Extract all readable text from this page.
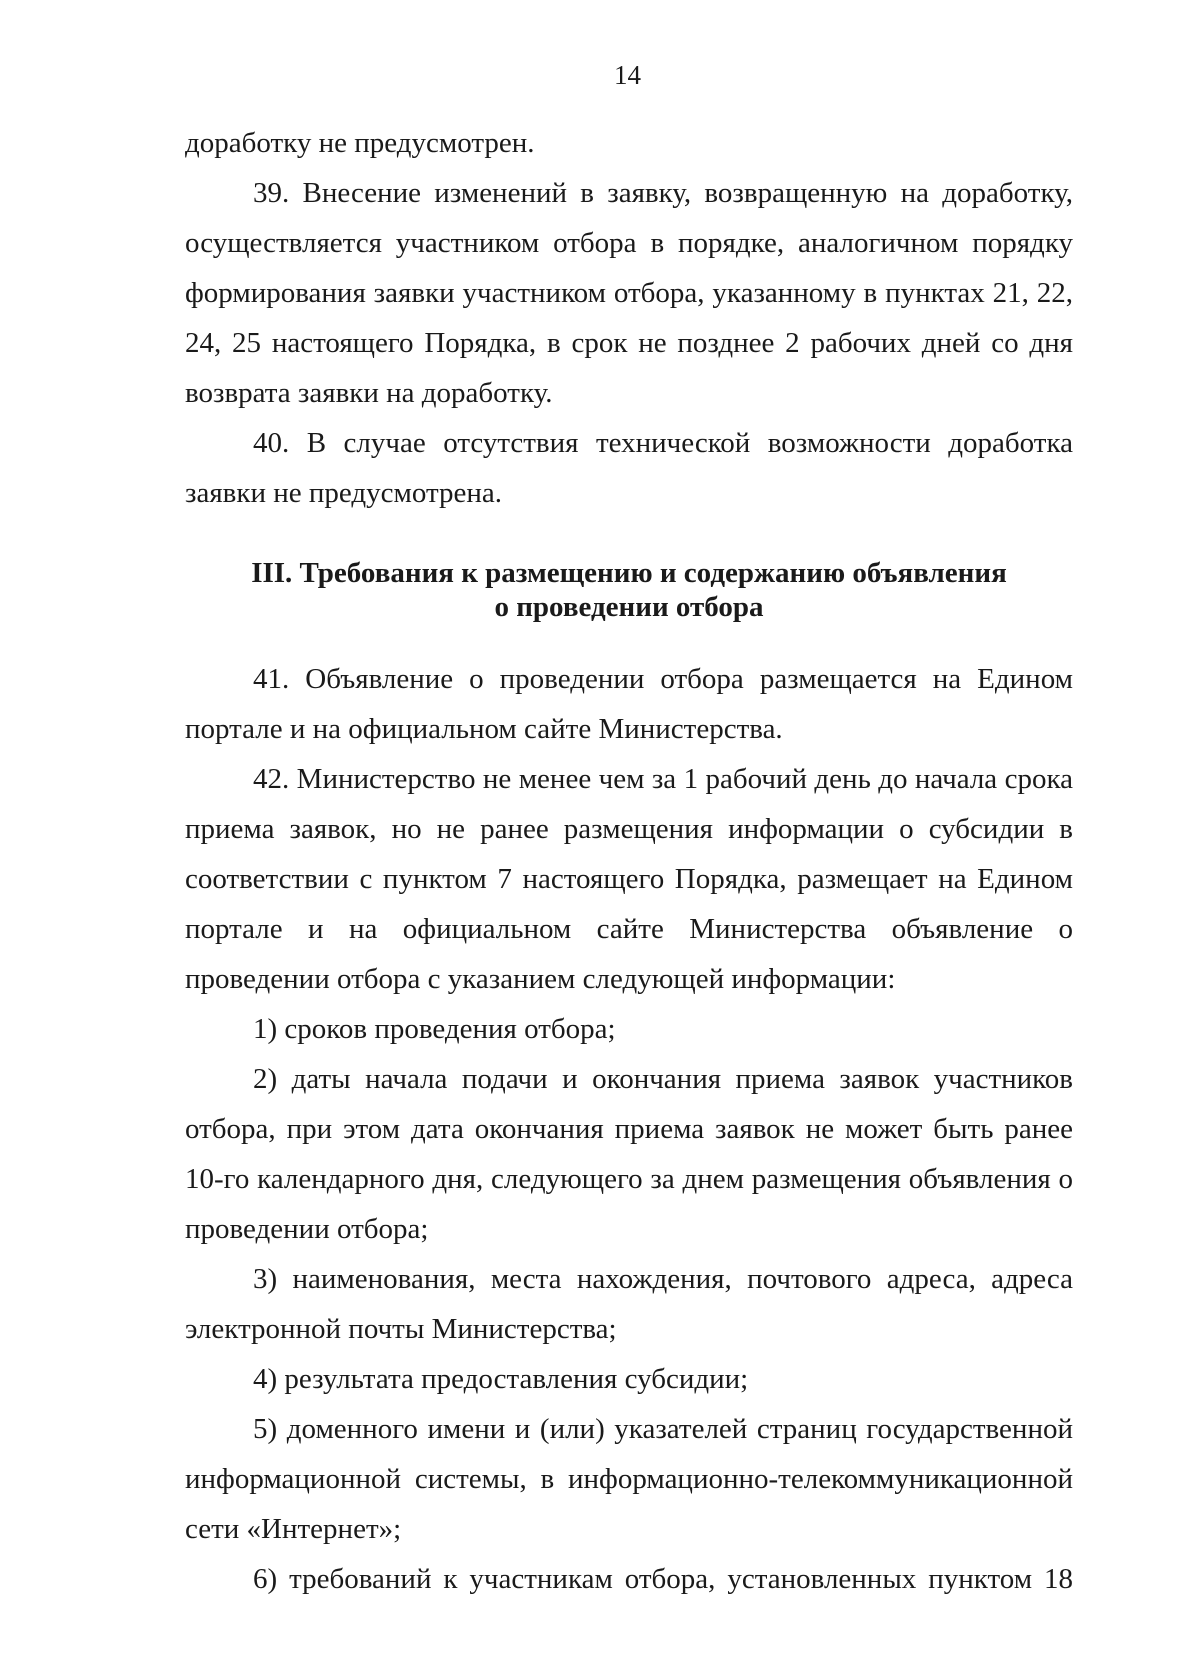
14

доработку не предусмотрен.

39. Внесение изменений в заявку, возвращенную на доработку, осуществляется участником отбора в порядке, аналогичном порядку формирования заявки участником отбора, указанному в пунктах 21, 22, 24, 25 настоящего Порядка, в срок не позднее 2 рабочих дней со дня возврата заявки на доработку.

40. В случае отсутствия технической возможности доработка заявки не предусмотрена.

III. Требования к размещению и содержанию объявления
о проведении отбора

41. Объявление о проведении отбора размещается на Едином портале и на официальном сайте Министерства.

42. Министерство не менее чем за 1 рабочий день до начала срока приема заявок, но не ранее размещения информации о субсидии в соответствии с пунктом 7 настоящего Порядка, размещает на Едином портале и на официальном сайте Министерства объявление о проведении отбора с указанием следующей информации:

1) сроков проведения отбора;

2) даты начала подачи и окончания приема заявок участников отбора, при этом дата окончания приема заявок не может быть ранее 10-го календарного дня, следующего за днем размещения объявления о проведении отбора;

3) наименования, места нахождения, почтового адреса, адреса электронной почты Министерства;

4) результата предоставления субсидии;

5) доменного имени и (или) указателей страниц государственной информационной системы, в информационно-телекоммуникационной сети «Интернет»;

6) требований к участникам отбора, установленных пунктом 18
